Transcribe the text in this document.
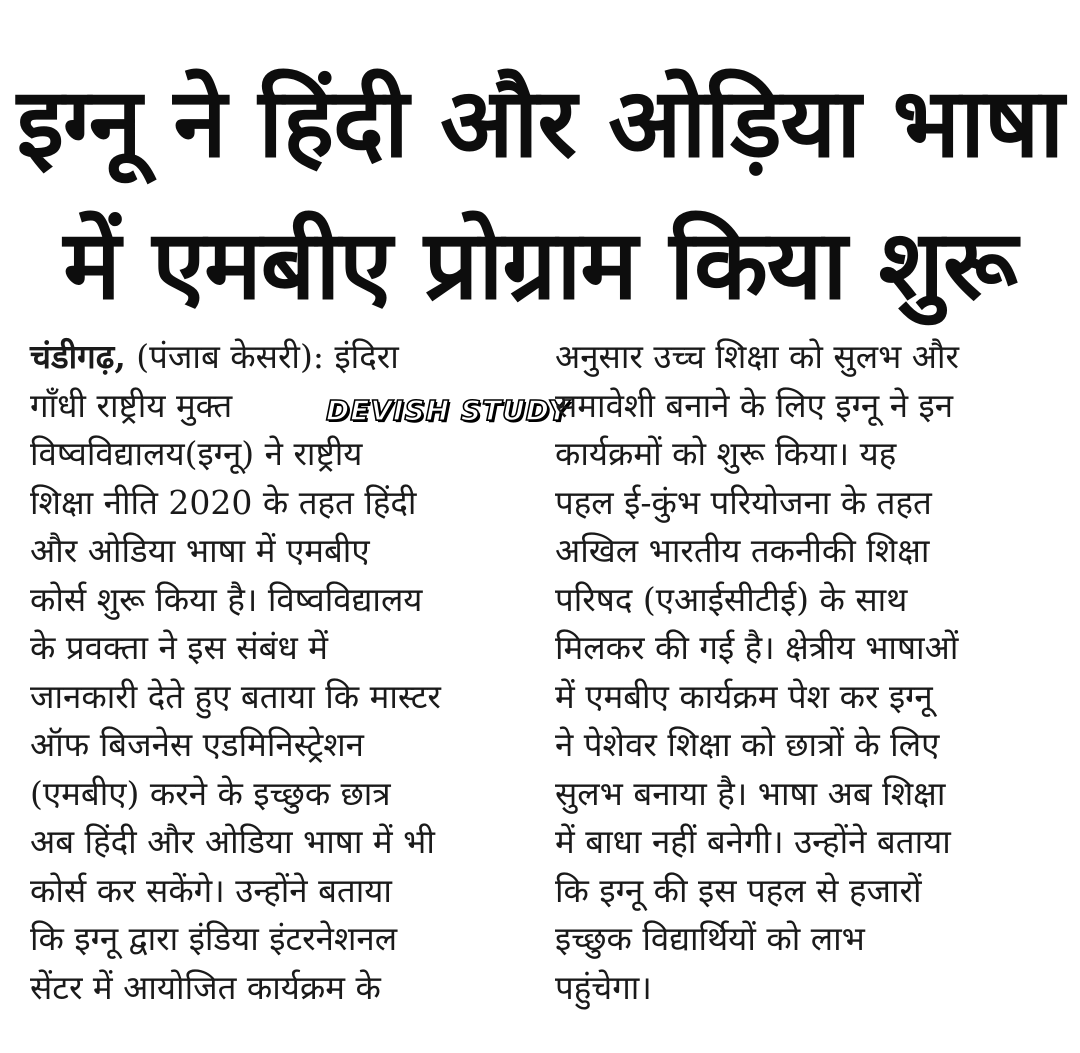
इग्नू ने हिंदी और ओड़िया भाषा
में एमबीए प्रोग्राम किया शुरू
DEVISH STUDY
चंडीगढ़, (पंजाब केसरी): इंदिरा
गाँधी राष्ट्रीय मुक्त
विष्वविद्यालय(इग्नू) ने राष्ट्रीय
शिक्षा नीति 2020 के तहत हिंदी
और ओडिया भाषा में एमबीए
कोर्स शुरू किया है। विष्वविद्यालय
के प्रवक्ता ने इस संबंध में
जानकारी देते हुए बताया कि मास्टर
ऑफ बिजनेस एडमिनिस्ट्रेशन
(एमबीए) करने के इच्छुक छात्र
अब हिंदी और ओडिया भाषा में भी
कोर्स कर सकेंगे। उन्होंने बताया
कि इग्नू द्वारा इंडिया इंटरनेशनल
सेंटर में आयोजित कार्यक्रम के
अनुसार उच्च शिक्षा को सुलभ और
समावेशी बनाने के लिए इग्नू ने इन
कार्यक्रमों को शुरू किया। यह
पहल ई-कुंभ परियोजना के तहत
अखिल भारतीय तकनीकी शिक्षा
परिषद (एआईसीटीई) के साथ
मिलकर की गई है। क्षेत्रीय भाषाओं
में एमबीए कार्यक्रम पेश कर इग्नू
ने पेशेवर शिक्षा को छात्रों के लिए
सुलभ बनाया है। भाषा अब शिक्षा
में बाधा नहीं बनेगी। उन्होंने बताया
कि इग्नू की इस पहल से हजारों
इच्छुक विद्यार्थियों को लाभ
पहुंचेगा।
